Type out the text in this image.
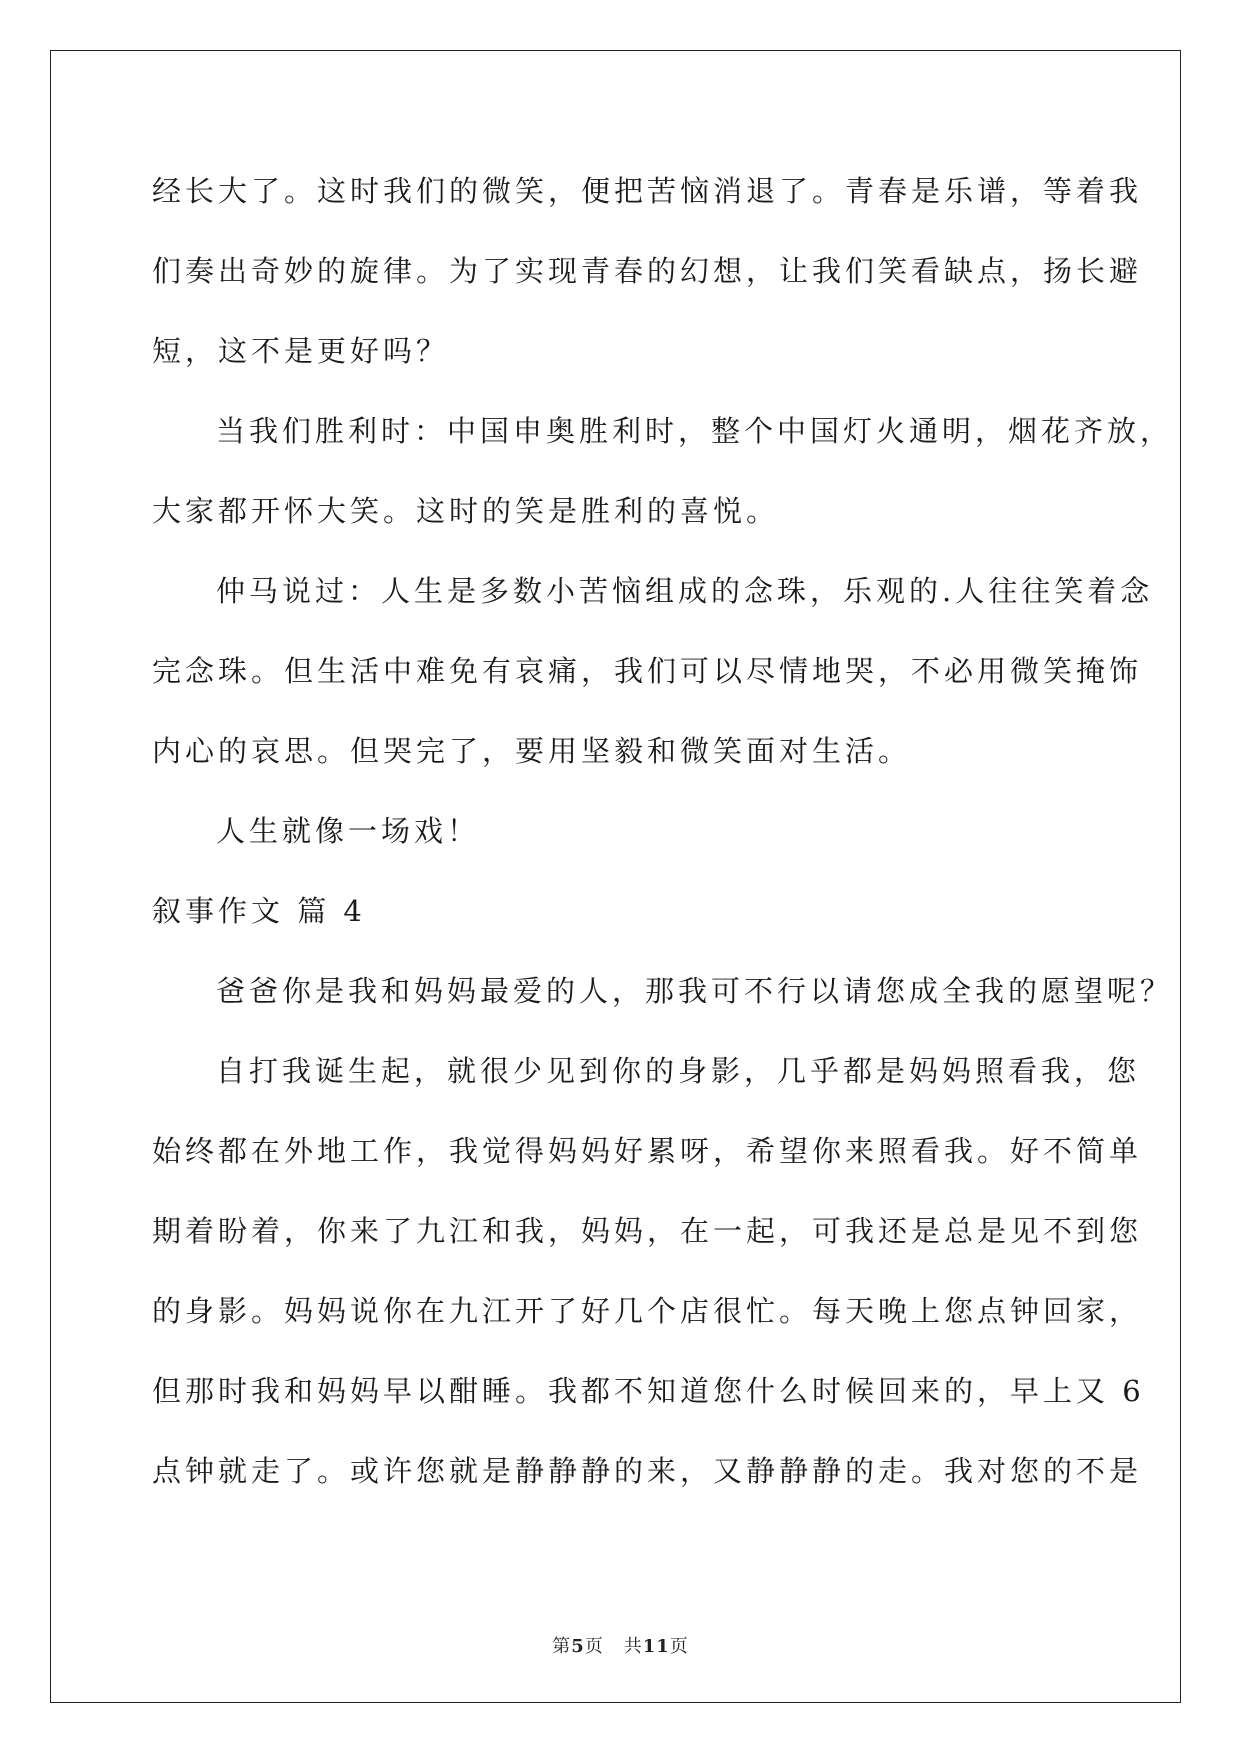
经长大了。这时我们的微笑，便把苦恼消退了。青春是乐谱，等着我
们奏出奇妙的旋律。为了实现青春的幻想，让我们笑看缺点，扬长避
短，这不是更好吗？
当我们胜利时：中国申奥胜利时，整个中国灯火通明，烟花齐放，
大家都开怀大笑。这时的笑是胜利的喜悦。
仲马说过：人生是多数小苦恼组成的念珠，乐观的.人往往笑着念
完念珠。但生活中难免有哀痛，我们可以尽情地哭，不必用微笑掩饰
内心的哀思。但哭完了，要用坚毅和微笑面对生活。
人生就像一场戏！
叙事作文 篇 4
爸爸你是我和妈妈最爱的人，那我可不行以请您成全我的愿望呢？
自打我诞生起，就很少见到你的身影，几乎都是妈妈照看我，您
始终都在外地工作，我觉得妈妈好累呀，希望你来照看我。好不简单
期着盼着，你来了九江和我，妈妈，在一起，可我还是总是见不到您
的身影。妈妈说你在九江开了好几个店很忙。每天晚上您点钟回家，
但那时我和妈妈早以酣睡。我都不知道您什么时候回来的，早上又 6
点钟就走了。或许您就是静静静的来，又静静静的走。我对您的不是
第5页 共11页
